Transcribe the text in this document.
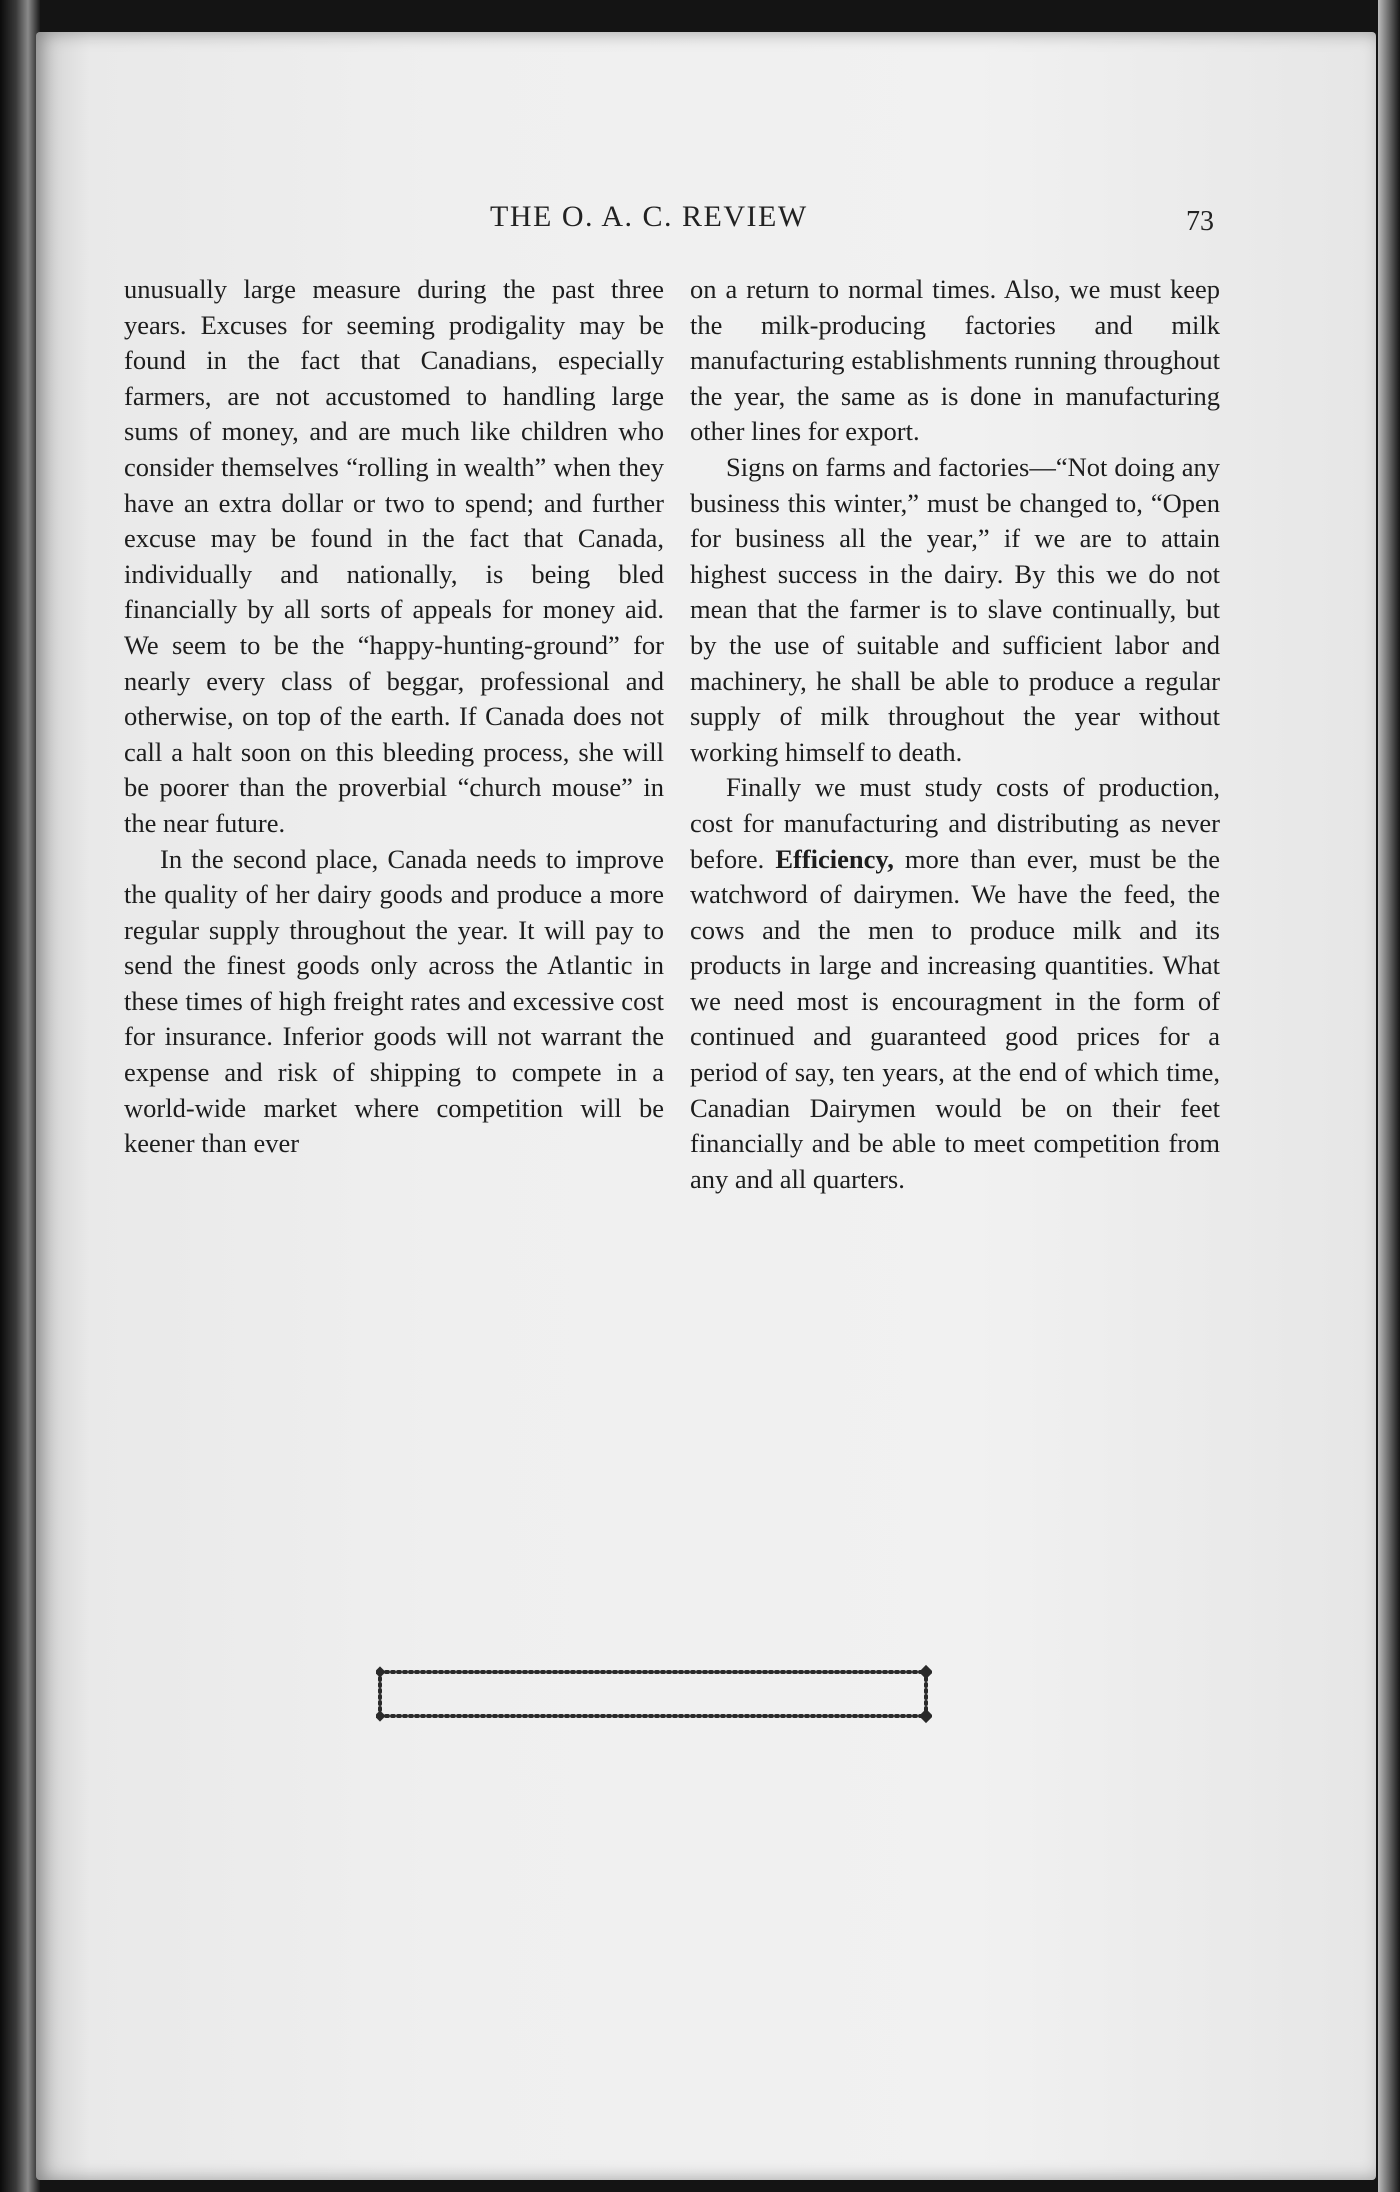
THE O. A. C. REVIEW	73

unusually large measure during the past three years. Excuses for seeming prodigality may be found in the fact that Canadians, especially farmers, are not accustomed to handling large sums of money, and are much like children who consider themselves “rolling in wealth” when they have an extra dollar or two to spend; and further excuse may be found in the fact that Canada, individually and nationally, is being bled financially by all sorts of appeals for money aid. We seem to be the “happy-hunting-ground” for nearly every class of beggar, professional and otherwise, on top of the earth. If Canada does not call a halt soon on this bleeding process, she will be poorer than the proverbial “church mouse” in the near future.

In the second place, Canada needs to improve the quality of her dairy goods and produce a more regular supply throughout the year. It will pay to send the finest goods only across the Atlantic in these times of high freight rates and excessive cost for insurance. Inferior goods will not warrant the expense and risk of shipping to compete in a world-wide market where competition will be keener than ever

on a return to normal times. Also, we must keep the milk-producing factories and milk manufacturing establishments running throughout the year, the same as is done in manufacturing other lines for export.

Signs on farms and factories—“Not doing any business this winter,” must be changed to, “Open for business all the year,” if we are to attain highest success in the dairy. By this we do not mean that the farmer is to slave continually, but by the use of suitable and sufficient labor and machinery, he shall be able to produce a regular supply of milk throughout the year without working himself to death.

Finally we must study costs of production, cost for manufacturing and distributing as never before. Efficiency, more than ever, must be the watchword of dairymen. We have the feed, the cows and the men to produce milk and its products in large and increasing quantities. What we need most is encouragment in the form of continued and guaranteed good prices for a period of say, ten years, at the end of which time, Canadian Dairymen would be on their feet financially and be able to meet competition from any and all quarters.
